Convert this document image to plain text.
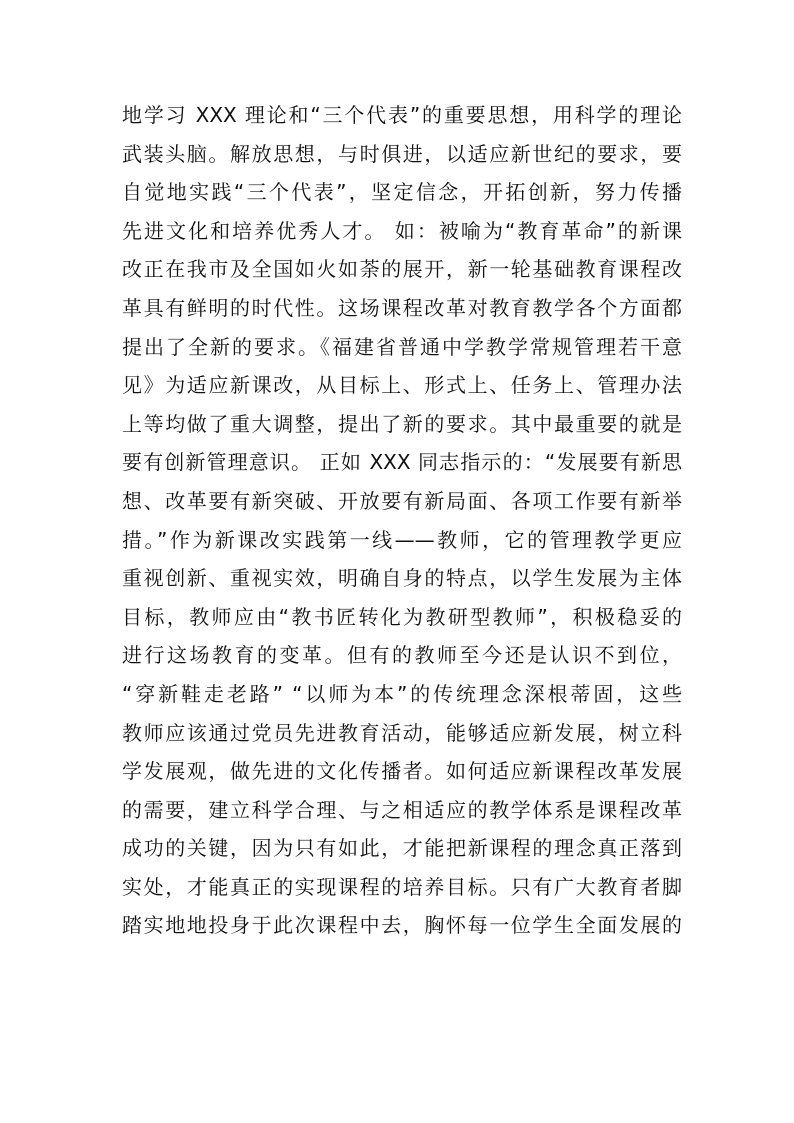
地学习 XXX 理论和“三个代表”的重要思想，用科学的理论
武装头脑。解放思想，与时俱进，以适应新世纪的要求，要
自觉地实践“三个代表”，坚定信念，开拓创新，努力传播
先进文化和培养优秀人才。 如：被喻为“教育革命”的新课
改正在我市及全国如火如荼的展开，新一轮基础教育课程改
革具有鲜明的时代性。这场课程改革对教育教学各个方面都
提出了全新的要求。《福建省普通中学教学常规管理若干意
见》为适应新课改，从目标上、形式上、任务上、管理办法
上等均做了重大调整，提出了新的要求。其中最重要的就是
要有创新管理意识。 正如 XXX 同志指示的：“发展要有新思
想、改革要有新突破、开放要有新局面、各项工作要有新举
措。”作为新课改实践第一线——教师，它的管理教学更应
重视创新、重视实效，明确自身的特点，以学生发展为主体
目标，教师应由“教书匠转化为教研型教师”，积极稳妥的
进行这场教育的变革。但有的教师至今还是认识不到位，
“穿新鞋走老路” “以师为本”的传统理念深根蒂固，这些
教师应该通过党员先进教育活动，能够适应新发展，树立科
学发展观，做先进的文化传播者。如何适应新课程改革发展
的需要，建立科学合理、与之相适应的教学体系是课程改革
成功的关键，因为只有如此，才能把新课程的理念真正落到
实处，才能真正的实现课程的培养目标。只有广大教育者脚
踏实地地投身于此次课程中去，胸怀每一位学生全面发展的
